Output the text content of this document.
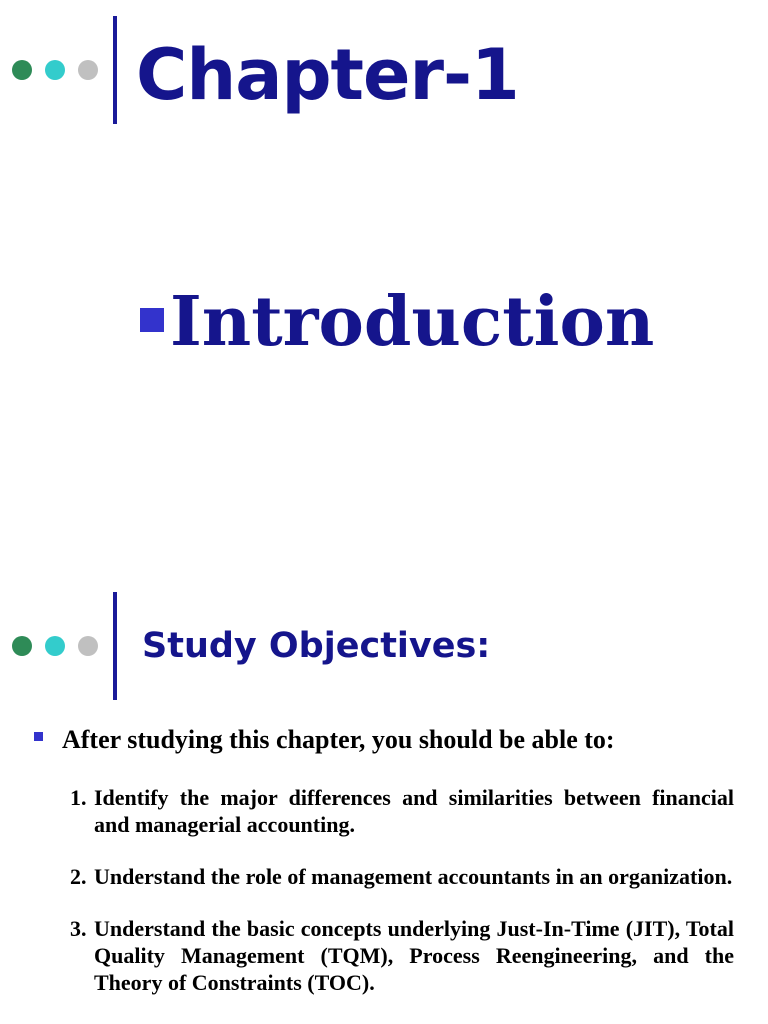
Chapter-1
Introduction
Study Objectives:
After studying this chapter, you should be able to:
1. Identify the major differences and similarities between financial and managerial accounting.
2. Understand the role of management accountants in an organization.
3. Understand the basic concepts underlying Just-In-Time (JIT), Total Quality Management (TQM), Process Reengineering, and the Theory of Constraints (TOC).
